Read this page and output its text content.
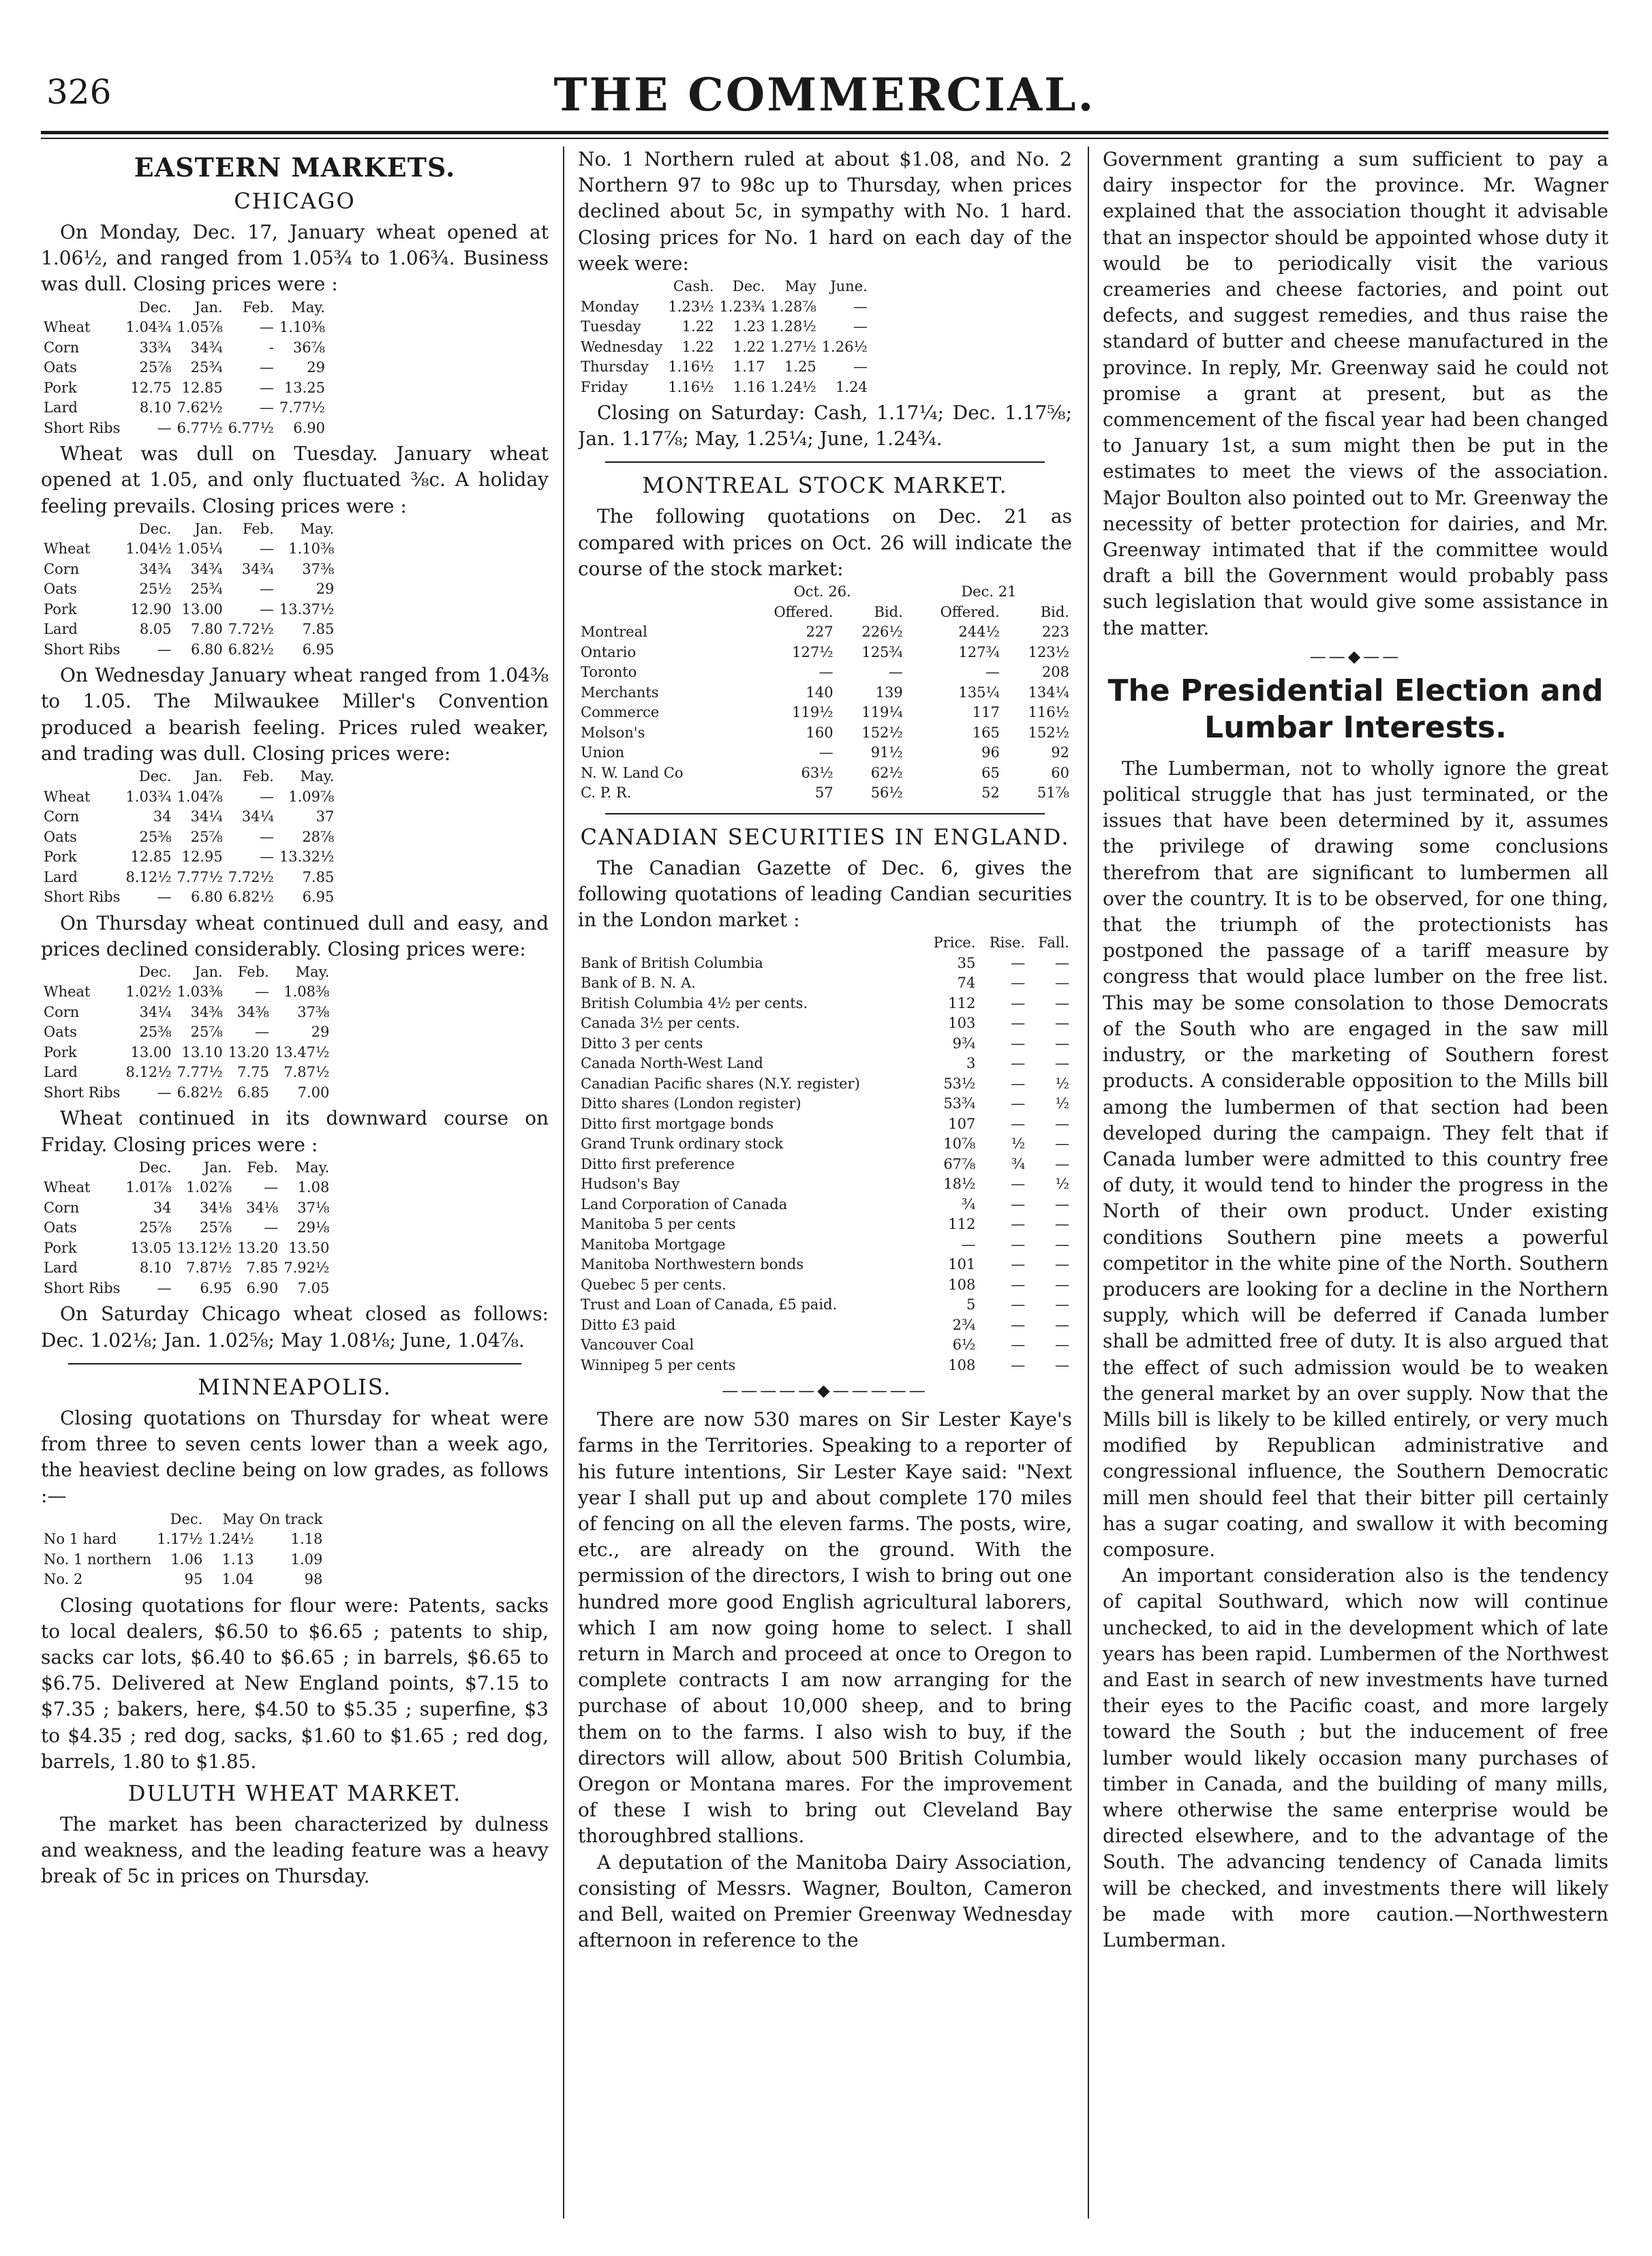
326	THE COMMERCIAL.
EASTERN MARKETS.
CHICAGO

On Monday, Dec. 17, January wheat opened at 1.06½, and ranged from 1.05¾ to 1.06¾. Business was dull. Closing prices were :

	Dec.	Jan.	Feb.	May.
Wheat	1.04¾	1.05⅞	—	1.10⅜
Corn	33¾	34¾	-	36⅞
Oats	25⅞	25¾	—	29
Pork	12.75	12.85	—	13.25
Lard	8.10	7.62½	—	7.77½
Short Ribs	—	6.77½	6.77½	6.90

Wheat was dull on Tuesday. January wheat opened at 1.05, and only fluctuated ⅜c. A holiday feeling prevails. Closing prices were :

	Dec.	Jan.	Feb.	May.
Wheat	1.04½	1.05¼	—	1.10⅜
Corn	34¾	34¾	34¾	37⅜
Oats	25½	25¾	—	29
Pork	12.90	13.00	—	13.37½
Lard	8.05	7.80	7.72½	7.85
Short Ribs	—	6.80	6.82½	6.95

On Wednesday January wheat ranged from 1.04⅜ to 1.05. The Milwaukee Miller's Convention produced a bearish feeling. Prices ruled weaker, and trading was dull. Closing prices were:

	Dec.	Jan.	Feb.	May.
Wheat	1.03¾	1.04⅞	—	1.09⅞
Corn	34	34¼	34¼	37
Oats	25⅜	25⅞	—	28⅞
Pork	12.85	12.95	—	13.32½
Lard	8.12½	7.77½	7.72½	7.85
Short Ribs	—	6.80	6.82½	6.95

On Thursday wheat continued dull and easy, and prices declined considerably. Closing prices were:

	Dec.	Jan.	Feb.	May.
Wheat	1.02½	1.03⅜	—	1.08⅜
Corn	34¼	34⅜	34⅜	37⅜
Oats	25⅜	25⅞	—	29
Pork	13.00	13.10	13.20	13.47½
Lard	8.12½	7.77½	7.75	7.87½
Short Ribs	—	6.82½	6.85	7.00

Wheat continued in its downward course on Friday. Closing prices were :

	Dec.	Jan.	Feb.	May.
Wheat	1.01⅞	1.02⅞	—	1.08
Corn	34	34⅛	34⅛	37⅛
Oats	25⅞	25⅞	—	29⅛
Pork	13.05	13.12½	13.20	13.50
Lard	8.10	7.87½	7.85	7.92½
Short Ribs	—	6.95	6.90	7.05

On Saturday Chicago wheat closed as follows: Dec. 1.02⅛; Jan. 1.02⅝; May 1.08⅛; June, 1.04⅞.

MINNEAPOLIS.

Closing quotations on Thursday for wheat were from three to seven cents lower than a week ago, the heaviest decline being on low grades, as follows :—

	Dec.	May	On track
No 1 hard	1.17½	1.24½	1.18
No. 1 northern	1.06	1.13	1.09
No. 2	95	1.04	98

Closing quotations for flour were: Patents, sacks to local dealers, $6.50 to $6.65 ; patents to ship, sacks car lots, $6.40 to $6.65 ; in barrels, $6.65 to $6.75. Delivered at New England points, $7.15 to $7.35 ; bakers, here, $4.50 to $5.35 ; superfine, $3 to $4.35 ; red dog, sacks, $1.60 to $1.65 ; red dog, barrels, 1.80 to $1.85.

DULUTH WHEAT MARKET.

The market has been characterized by dulness and weakness, and the leading feature was a heavy break of 5c in prices on Thursday.

No. 1 Northern ruled at about $1.08, and No. 2 Northern 97 to 98c up to Thursday, when prices declined about 5c, in sympathy with No. 1 hard. Closing prices for No. 1 hard on each day of the week were:

	Cash.	Dec.	May	June.
Monday	1.23½	1.23¾	1.28⅞	—
Tuesday	1.22	1.23	1.28½	—
Wednesday	1.22	1.22	1.27½	1.26½
Thursday	1.16½	1.17	1.25	—
Friday	1.16½	1.16	1.24½	1.24

Closing on Saturday: Cash, 1.17¼; Dec. 1.17⅝; Jan. 1.17⅞; May, 1.25¼; June, 1.24¾.

MONTREAL STOCK MARKET.

The following quotations on Dec. 21 as compared with prices on Oct. 26 will indicate the course of the stock market:

	Oct. 26.		Dec. 21	
	Offered.	Bid.	Offered.	Bid.
Montreal	227	226½	244½	223
Ontario	127½	125¾	127¾	123½
Toronto	—	—	—	208
Merchants	140	139	135¼	134¼
Commerce	119½	119¼	117	116½
Molson's	160	152½	165	152½
Union	—	91½	96	92
N. W. Land Co	63½	62½	65	60
C. P. R.	57	56½	52	51⅞
CANADIAN SECURITIES IN ENGLAND.

The Canadian Gazette of Dec. 6, gives the following quotations of leading Candian securities in the London market :

	Price.	Rise.	Fall.
Bank of British Columbia	35	—	—
Bank of B. N. A.	74	—	—
British Columbia 4½ per cents.	112	—	—
Canada 3½ per cents.	103	—	—
Ditto 3 per cents	9¾	—	—
Canada North-West Land	3	—	—
Canadian Pacific shares (N.Y. register)	53½	—	½
Ditto shares (London register)	53¾	—	½
Ditto first mortgage bonds	107	—	—
Grand Trunk ordinary stock	10⅞	½	—
Ditto first preference	67⅞	¾	—
Hudson's Bay	18½	—	½
Land Corporation of Canada	¾	—	—
Manitoba 5 per cents	112	—	—
Manitoba Mortgage	—	—	—
Manitoba Northwestern bonds	101	—	—
Quebec 5 per cents.	108	—	—
Trust and Loan of Canada, £5 paid.	5	—	—
Ditto £3 paid	2¾	—	—
Vancouver Coal	6½	—	—
Winnipeg 5 per cents	108	—	—
—————◆—————

There are now 530 mares on Sir Lester Kaye's farms in the Territories. Speaking to a reporter of his future intentions, Sir Lester Kaye said: "Next year I shall put up and about complete 170 miles of fencing on all the eleven farms. The posts, wire, etc., are already on the ground. With the permission of the directors, I wish to bring out one hundred more good English agricultural laborers, which I am now going home to select. I shall return in March and proceed at once to Oregon to complete contracts I am now arranging for the purchase of about 10,000 sheep, and to bring them on to the farms. I also wish to buy, if the directors will allow, about 500 British Columbia, Oregon or Montana mares. For the improvement of these I wish to bring out Cleveland Bay thoroughbred stallions.

A deputation of the Manitoba Dairy Association, consisting of Messrs. Wagner, Boulton, Cameron and Bell, waited on Premier Greenway Wednesday afternoon in reference to the

Government granting a sum sufficient to pay a dairy inspector for the province. Mr. Wagner explained that the association thought it advisable that an inspector should be appointed whose duty it would be to periodically visit the various creameries and cheese factories, and point out defects, and suggest remedies, and thus raise the standard of butter and cheese manufactured in the province. In reply, Mr. Greenway said he could not promise a grant at present, but as the commencement of the fiscal year had been changed to January 1st, a sum might then be put in the estimates to meet the views of the association. Major Boulton also pointed out to Mr. Greenway the necessity of better protection for dairies, and Mr. Greenway intimated that if the committee would draft a bill the Government would probably pass such legislation that would give some assistance in the matter.

——◆——
The Presidential Election and Lumbar Interests.

The Lumberman, not to wholly ignore the great political struggle that has just terminated, or the issues that have been determined by it, assumes the privilege of drawing some conclusions therefrom that are significant to lumbermen all over the country. It is to be observed, for one thing, that the triumph of the protectionists has postponed the passage of a tariff measure by congress that would place lumber on the free list. This may be some consolation to those Democrats of the South who are engaged in the saw mill industry, or the marketing of Southern forest products. A considerable opposition to the Mills bill among the lumbermen of that section had been developed during the campaign. They felt that if Canada lumber were admitted to this country free of duty, it would tend to hinder the progress in the North of their own product. Under existing conditions Southern pine meets a powerful competitor in the white pine of the North. Southern producers are looking for a decline in the Northern supply, which will be deferred if Canada lumber shall be admitted free of duty. It is also argued that the effect of such admission would be to weaken the general market by an over supply. Now that the Mills bill is likely to be killed entirely, or very much modified by Republican administrative and congressional influence, the Southern Democratic mill men should feel that their bitter pill certainly has a sugar coating, and swallow it with becoming composure.

An important consideration also is the tendency of capital Southward, which now will continue unchecked, to aid in the development which of late years has been rapid. Lumbermen of the Northwest and East in search of new investments have turned their eyes to the Pacific coast, and more largely toward the South ; but the inducement of free lumber would likely occasion many purchases of timber in Canada, and the building of many mills, where otherwise the same enterprise would be directed elsewhere, and to the advantage of the South. The advancing tendency of Canada limits will be checked, and investments there will likely be made with more caution.—Northwestern Lumberman.
